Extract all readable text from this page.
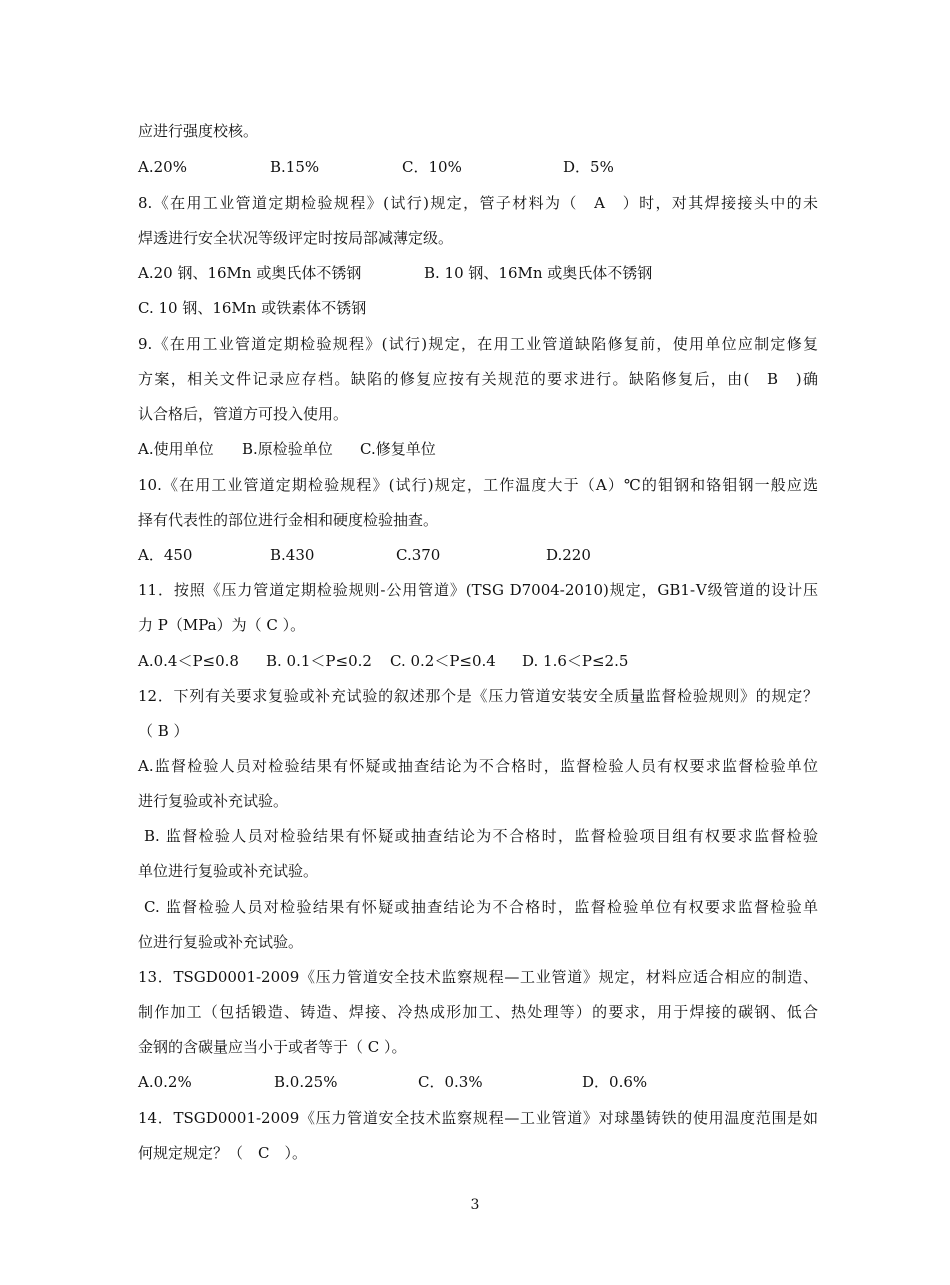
应进行强度校核。
A.20%	B.15%	C．10%	D．5%
8.《在用工业管道定期检验规程》(试行)规定，管子材料为（　A　）时，对其焊接接头中的未
焊透进行安全状况等级评定时按局部减薄定级。
A.20 钢、16Mn 或奥氏体不锈钢	B. 10 钢、16Mn 或奥氏体不锈钢
C. 10 钢、16Mn 或铁素体不锈钢
9.《在用工业管道定期检验规程》(试行)规定，在用工业管道缺陷修复前，使用单位应制定修复
方案，相关文件记录应存档。缺陷的修复应按有关规范的要求进行。缺陷修复后，由(　B　)确
认合格后，管道方可投入使用。
A.使用单位 B.原检验单位 C.修复单位
10.《在用工业管道定期检验规程》(试行)规定，工作温度大于（A）℃的钼钢和铬钼钢一般应选
择有代表性的部位进行金相和硬度检验抽查。
A．450	B.430	C.370	D.220
11．按照《压力管道定期检验规则-公用管道》(TSG D7004-2010)规定，GB1-Ⅴ级管道的设计压
力 P（MPa）为（ C ）。
A.0.4＜P≤0.8 B. 0.1＜P≤0.2 C. 0.2＜P≤0.4 D. 1.6＜P≤2.5
12．下列有关要求复验或补充试验的叙述那个是《压力管道安装安全质量监督检验规则》的规定？
（ B ）
A.监督检验人员对检验结果有怀疑或抽查结论为不合格时，监督检验人员有权要求监督检验单位
进行复验或补充试验。
B. 监督检验人员对检验结果有怀疑或抽查结论为不合格时，监督检验项目组有权要求监督检验
单位进行复验或补充试验。
C. 监督检验人员对检验结果有怀疑或抽查结论为不合格时，监督检验单位有权要求监督检验单
位进行复验或补充试验。
13．TSGD0001-2009《压力管道安全技术监察规程—工业管道》规定，材料应适合相应的制造、
制作加工（包括锻造、铸造、焊接、冷热成形加工、热处理等）的要求，用于焊接的碳钢、低合
金钢的含碳量应当小于或者等于（ C ）。
A.0.2%	B.0.25%	C．0.3%	D．0.6%
14．TSGD0001-2009《压力管道安全技术监察规程—工业管道》对球墨铸铁的使用温度范围是如
何规定规定？（　C　）。
3
